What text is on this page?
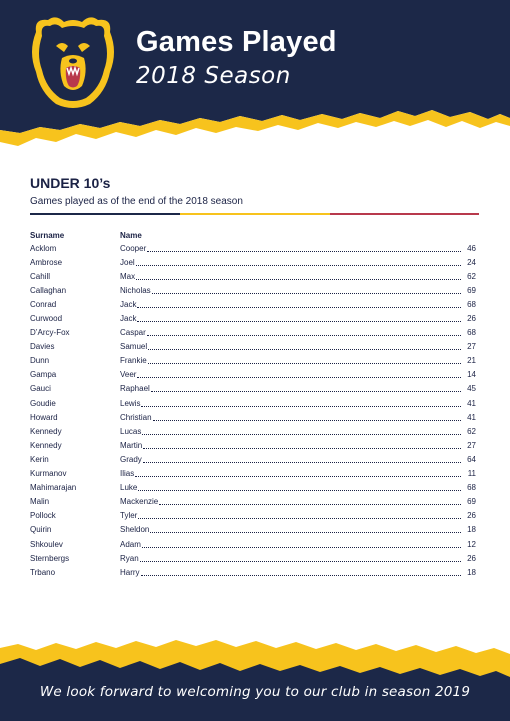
Games Played
2018 Season
UNDER 10’s
Games played as of the end of the 2018 season
Surname	Name
Acklom	Cooper	46
Ambrose	Joel	24
Cahill	Max	62
Callaghan	Nicholas	69
Conrad	Jack	68
Curwood	Jack	26
D’Arcy-Fox	Caspar	68
Davies	Samuel	27
Dunn	Frankie	21
Gampa	Veer	14
Gauci	Raphael	45
Goudie	Lewis	41
Howard	Christian	41
Kennedy	Lucas	62
Kennedy	Martin	27
Kerin	Grady	64
Kurmanov	Ilias	11
Mahimarajan	Luke	68
Malin	Mackenzie	69
Pollock	Tyler	26
Quirin	Sheldon	18
Shkoulev	Adam	12
Sternbergs	Ryan	26
Trbano	Harry	18
We look forward to welcoming you to our club in season 2019
